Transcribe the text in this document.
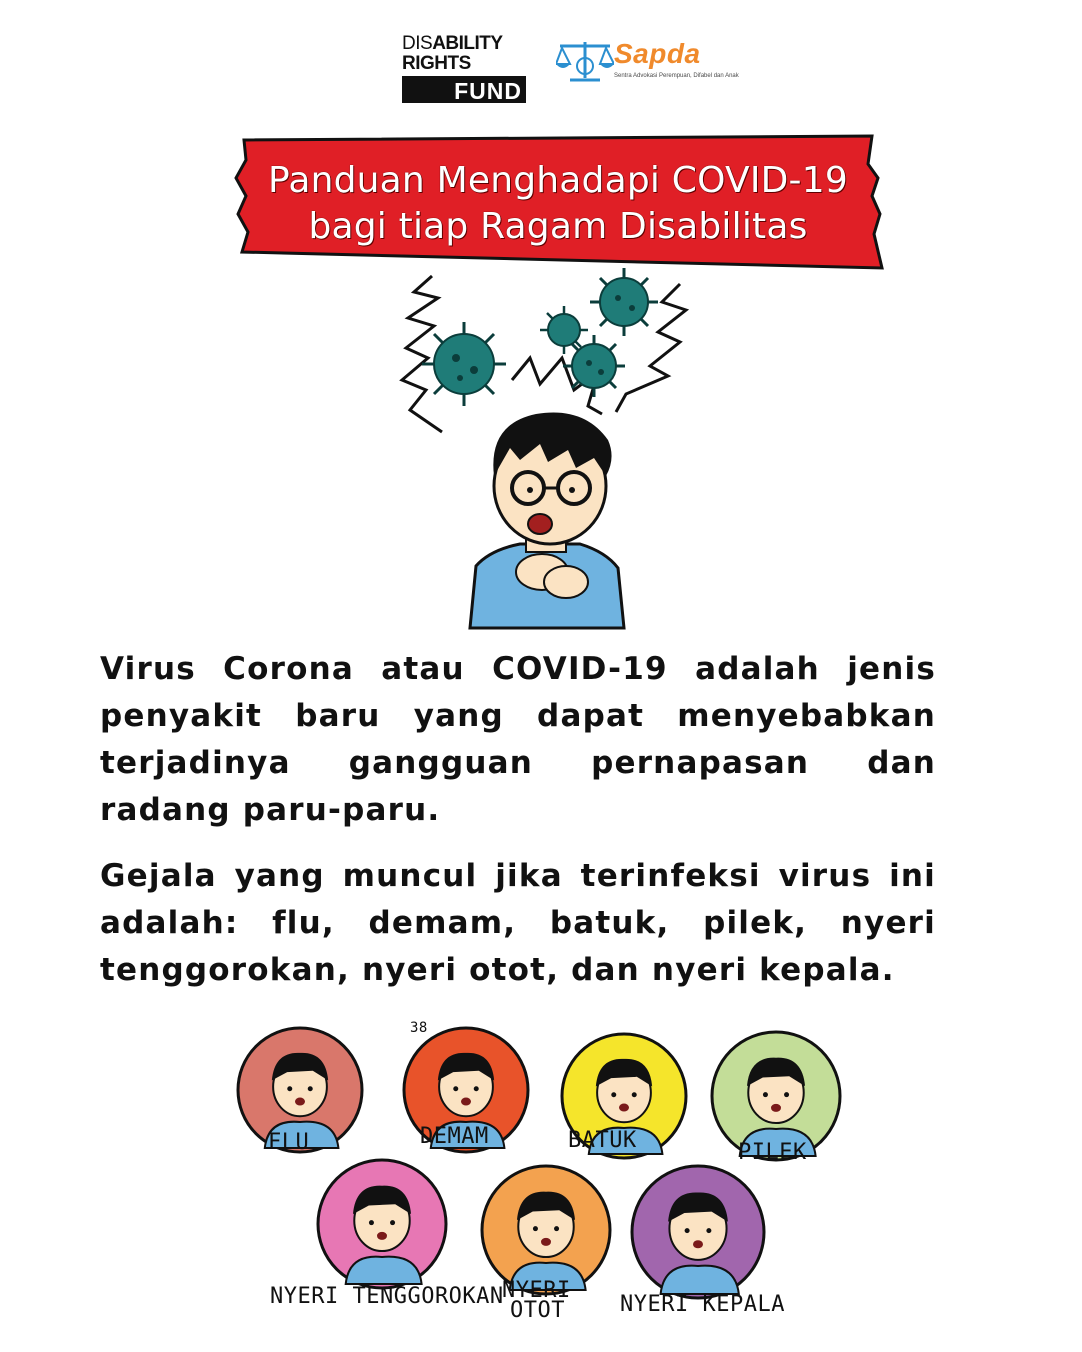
DISABILITY
RIGHTS
FUND
Sapda
Sentra Advokasi Perempuan, Difabel dan Anak
Panduan Menghadapi COVID-19
bagi tiap Ragam Disabilitas
Virus Corona atau COVID-19 adalah jenis penyakit baru yang dapat menyebabkan terjadinya gangguan pernapasan dan radang paru-paru.
Gejala yang muncul jika terinfeksi virus ini adalah: flu, demam, batuk, pilek, nyeri tenggorokan, nyeri otot, dan nyeri kepala.
FLU
38
DEMAM	BATUK	PILEK
NYERI TENGGOROKAN
NYERI
OTOT	NYERI KEPALA
